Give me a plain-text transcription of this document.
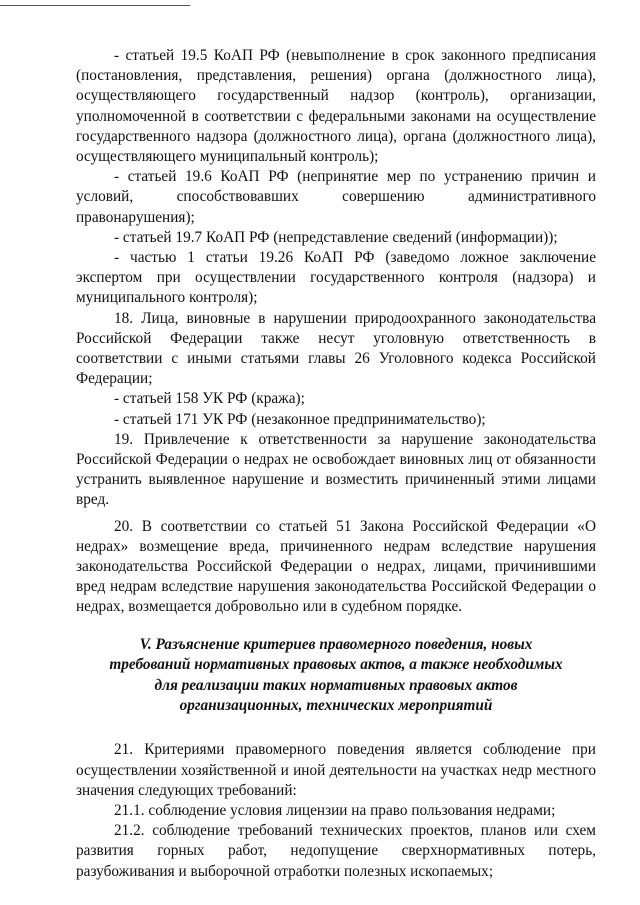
- статьей 19.5 КоАП РФ (невыполнение в срок законного предписания (постановления, представления, решения) органа (должностного лица), осуществляющего государственный надзор (контроль), организации, уполномоченной в соответствии с федеральными законами на осуществление государственного надзора (должностного лица), органа (должностного лица), осуществляющего муниципальный контроль);

- статьей 19.6 КоАП РФ (непринятие мер по устранению причин и условий, способствовавших совершению административного правонарушения);

- статьей 19.7 КоАП РФ (непредставление сведений (информации));

- частью 1 статьи 19.26 КоАП РФ (заведомо ложное заключение экспертом при осуществлении государственного контроля (надзора) и муниципального контроля);

18. Лица, виновные в нарушении природоохранного законодательства Российской Федерации также несут уголовную ответственность в соответствии с иными статьями главы 26 Уголовного кодекса Российской Федерации;

- статьей 158 УК РФ (кража);

- статьей 171 УК РФ (незаконное предпринимательство);

19. Привлечение к ответственности за нарушение законодательства Российской Федерации о недрах не освобождает виновных лиц от обязанности устранить выявленное нарушение и возместить причиненный этими лицами вред.

20. В соответствии со статьей 51 Закона Российской Федерации «О недрах» возмещение вреда, причиненного недрам вследствие нарушения законодательства Российской Федерации о недрах, лицами, причинившими вред недрам вследствие нарушения законодательства Российской Федерации о недрах, возмещается добровольно или в судебном порядке.

V. Разъяснение критериев правомерного поведения, новых
требований нормативных правовых актов, а также необходимых
для реализации таких нормативных правовых актов
организационных, технических мероприятий

21. Критериями правомерного поведения является соблюдение при осуществлении хозяйственной и иной деятельности на участках недр местного значения следующих требований:

21.1. соблюдение условия лицензии на право пользования недрами;

21.2. соблюдение требований технических проектов, планов или схем развития горных работ, недопущение сверхнормативных потерь, разубоживания и выборочной отработки полезных ископаемых;
